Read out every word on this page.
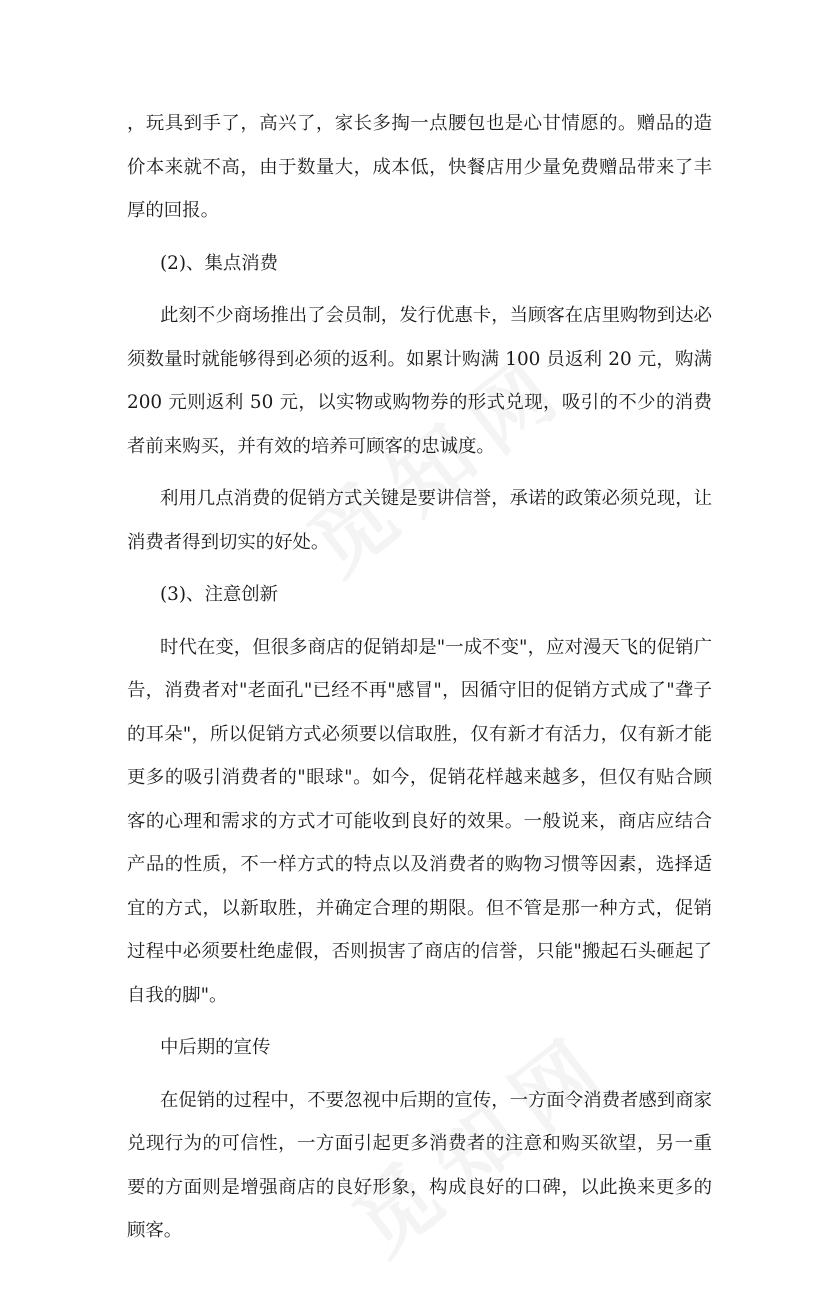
，玩具到手了，高兴了，家长多掏一点腰包也是心甘情愿的。赠品的造价本来就不高，由于数量大，成本低，快餐店用少量免费赠品带来了丰厚的回报。

(2)、集点消费

此刻不少商场推出了会员制，发行优惠卡，当顾客在店里购物到达必须数量时就能够得到必须的返利。如累计购满 100 员返利 20 元，购满 200 元则返利 50 元，以实物或购物券的形式兑现，吸引的不少的消费者前来购买，并有效的培养可顾客的忠诚度。

利用几点消费的促销方式关键是要讲信誉，承诺的政策必须兑现，让消费者得到切实的好处。

(3)、注意创新

时代在变，但很多商店的促销却是"一成不变"，应对漫天飞的促销广告，消费者对"老面孔"已经不再"感冒"，因循守旧的促销方式成了"聋子的耳朵"，所以促销方式必须要以信取胜，仅有新才有活力，仅有新才能更多的吸引消费者的"眼球"。如今，促销花样越来越多，但仅有贴合顾客的心理和需求的方式才可能收到良好的效果。一般说来，商店应结合产品的性质，不一样方式的特点以及消费者的购物习惯等因素，选择适宜的方式，以新取胜，并确定合理的期限。但不管是那一种方式，促销过程中必须要杜绝虚假，否则损害了商店的信誉，只能"搬起石头砸起了自我的脚"。

中后期的宣传

在促销的过程中，不要忽视中后期的宣传，一方面令消费者感到商家兑现行为的可信性，一方面引起更多消费者的注意和购买欲望，另一重要的方面则是增强商店的良好形象，构成良好的口碑，以此换来更多的顾客。
